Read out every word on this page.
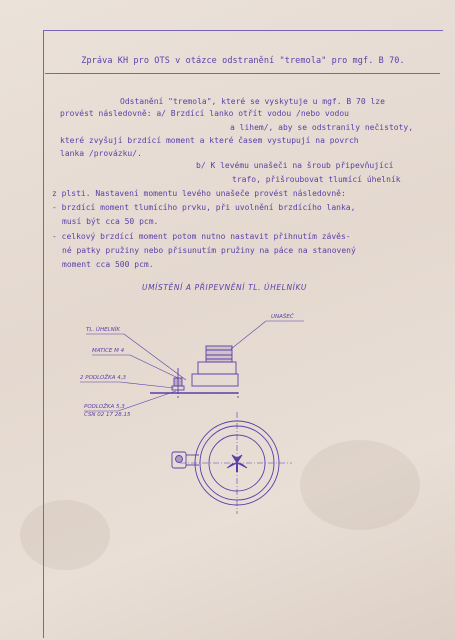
Zpráva KH pro OTS v otázce odstranění "tremola" pro mgf. B 70.
Odstanění "tremola", které se vyskytuje u mgf. B 70 lze
provést následovně: a/ Brzdící lanko otřít vodou /nebo vodou
a lihem/, aby se odstranily nečistoty,
které zvyšují brzdící moment a které časem vystupují na povrch
lanka /provázku/.
b/ K levému unašeči na šroub připevňující
trafo, přišroubovat tlumící úhelník
z plsti. Nastavení momentu levého unašeče provést následovně:
- brzdící moment tlumícího prvku, při uvolnění brzdícího lanka,
musí být cca 50 pcm.
- celkový brzdící moment potom nutno nastavit přihnutím závěs-
né patky pružiny nebo přisunutím pružiny na páce na stanovený
moment cca 500 pcm.
UMÍSTĚNÍ A PŘIPEVNĚNÍ TL. ÚHELNÍKU
UNAŠEČ
TL. ÚHELNÍK
MATICE M 4
2 PODLOŽKA 4,3
PODLOŽKA 5,3
ČSN 02 17 28.15
